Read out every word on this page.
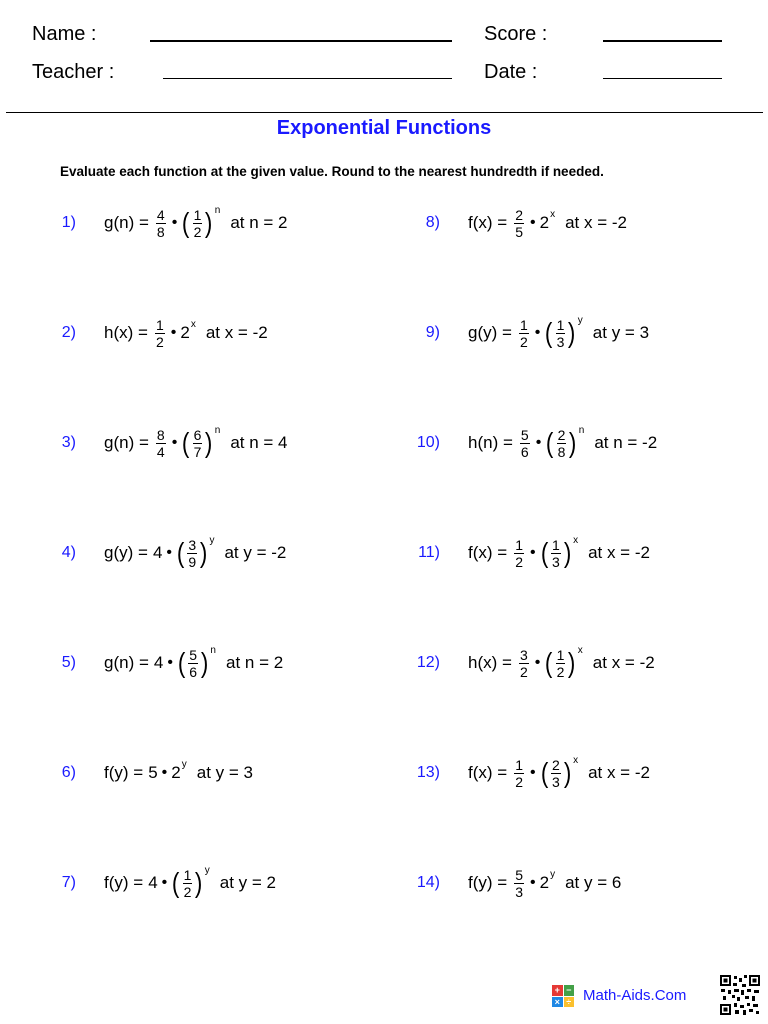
Name :
Teacher :
Score :
Date :
Exponential Functions
Evaluate each function at the given value. Round to the nearest hundredth if needed.
1) $g(n) = \frac{4}{8}$ • ( $\frac{1}{2}$ ) n
at n = 2
2) $h(x) = \frac{1}{2}$ • 2 x at x = -2
3) $g(n) = \frac{8}{4}$ • ( $\frac{6}{7}$ ) n
at n = 4
4) g(y) = 4 • ( $\frac{3}{9}$ ) y
at y = -2
5) g(n) = 4 • ( $\frac{5}{6}$ ) n
at n = 2
6) f(y) = 5 • 2 y at y = 3
7) f(y) = 4 • ( $\frac{1}{2}$ ) y
at y = 2
8) $f(x) = \frac{2}{5}$ • 2 x at x = -2
9) $g(y) = \frac{1}{2}$ • ( $\frac{1}{3}$ ) y
at y = 3
10) $h(n) = \frac{5}{6}$ • ( $\frac{2}{8}$ ) n
at n = -2
11) $f(x) = \frac{1}{2}$ • ( $\frac{1}{3}$ ) x
at x = -2
12) $h(x) = \frac{3}{2}$ • ( $\frac{1}{2}$ ) x
at x = -2
13) $f(x) = \frac{1}{2}$ • ( $\frac{2}{3}$ ) x
at x = -2
14) $f(y) = \frac{5}{3}$ • 2 y at y = 6
+ −
× ÷ Math-Aids.Com
